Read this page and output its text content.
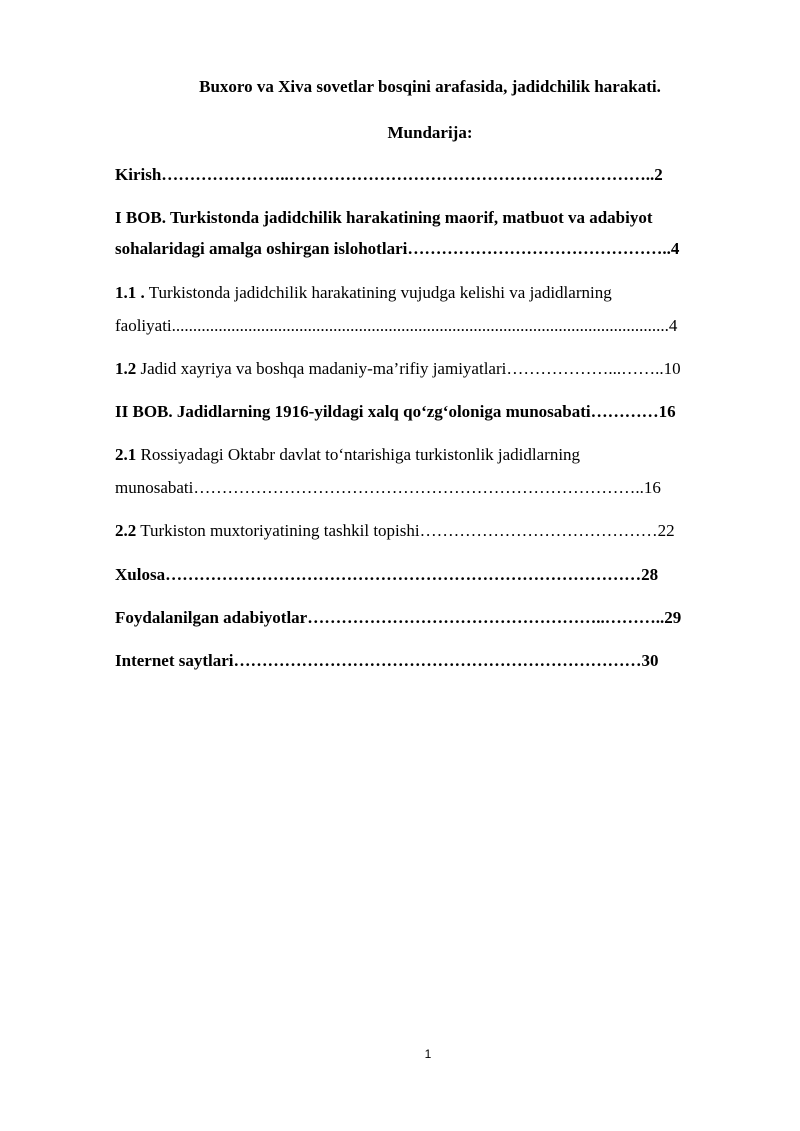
Buxoro va Xiva sovetlar bosqini arafasida, jadidchilik harakati.
Mundarija:
Kirish…………………..………………………………………………………..2
I BOB. Turkistonda jadidchilik harakatining maorif, matbuot va adabiyot
sohalaridagi amalga oshirgan islohotlari………………………………………..4
1.1 . Turkistonda jadidchilik harakatining vujudga kelishi va jadidlarning
faoliyati.....................................................................................................................4
1.2 Jadid xayriya va boshqa madaniy-ma’rifiy jamiyatlari………………...……..10
II BOB. Jadidlarning 1916-yildagi xalq qo‘zg‘oloniga munosabati…………16
2.1 Rossiyadagi Oktabr davlat to‘ntarishiga turkistonlik jadidlarning
munosabati……………………………………………………………………..16
2.2 Turkiston muxtoriyatining tashkil topishi……………………………………22
Xulosa…………………………………………………………………………28
Foydalanilgan adabiyotlar……………………………………………..………..29
Internet saytlari………………………………………………………………30
1
